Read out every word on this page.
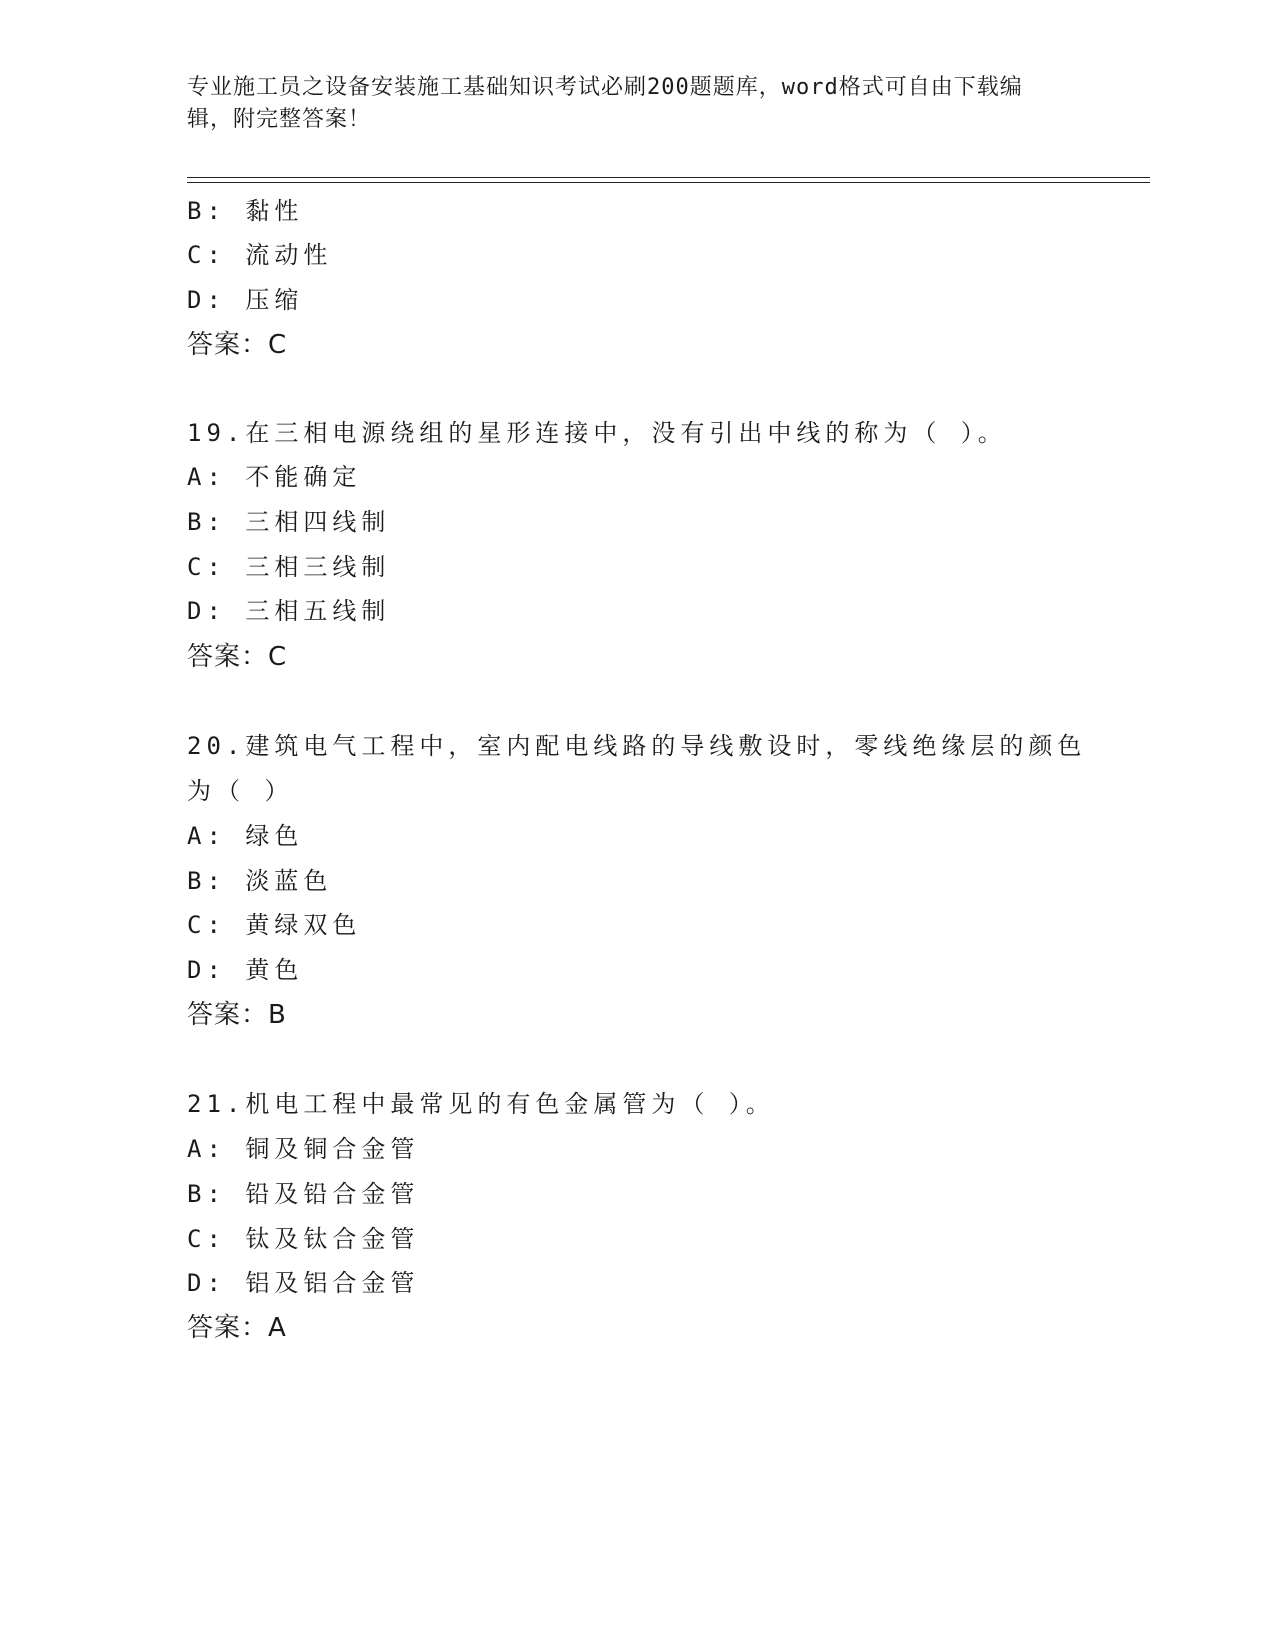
专业施工员之设备安装施工基础知识考试必刷200题题库，word格式可自由下载编辑，附完整答案！
B: 黏性
C: 流动性
D: 压缩
答案：C
19.在三相电源绕组的星形连接中，没有引出中线的称为（ ）。
A: 不能确定
B: 三相四线制
C: 三相三线制
D: 三相五线制
答案：C
20.建筑电气工程中，室内配电线路的导线敷设时，零线绝缘层的颜色
为（ ）
A: 绿色
B: 淡蓝色
C: 黄绿双色
D: 黄色
答案：B
21.机电工程中最常见的有色金属管为（ ）。
A: 铜及铜合金管
B: 铅及铅合金管
C: 钛及钛合金管
D: 铝及铝合金管
答案：A
